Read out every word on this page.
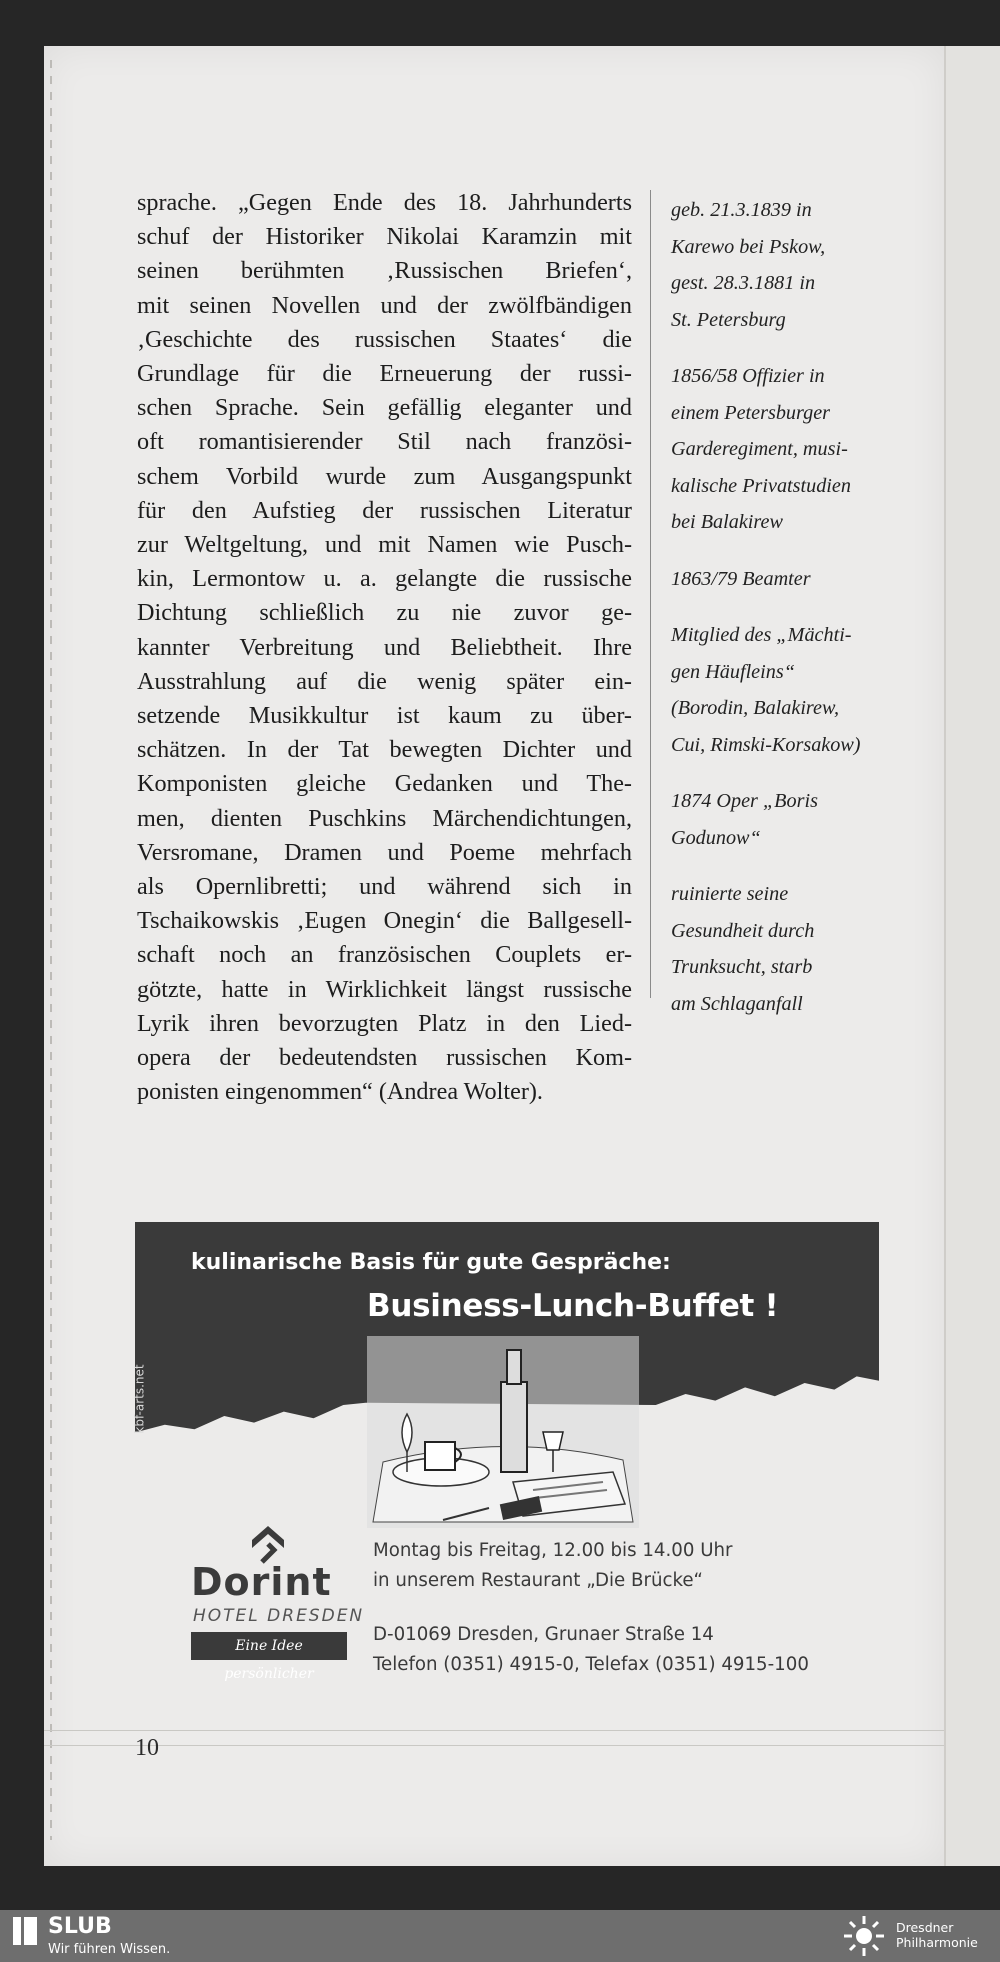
sprache. „Gegen Ende des 18. Jahrhunderts
schuf der Historiker Nikolai Karamzin mit
seinen berühmten ‚Russischen Briefen‘,
mit seinen Novellen und der zwölfbändigen
‚Geschichte des russischen Staates‘ die
Grundlage für die Erneuerung der russi-
schen Sprache. Sein gefällig eleganter und
oft romantisierender Stil nach französi-
schem Vorbild wurde zum Ausgangspunkt
für den Aufstieg der russischen Literatur
zur Weltgeltung, und mit Namen wie Pusch-
kin, Lermontow u. a. gelangte die russische
Dichtung schließlich zu nie zuvor ge-
kannter Verbreitung und Beliebtheit. Ihre
Ausstrahlung auf die wenig später ein-
setzende Musikkultur ist kaum zu über-
schätzen. In der Tat bewegten Dichter und
Komponisten gleiche Gedanken und The-
men, dienten Puschkins Märchendichtungen,
Versromane, Dramen und Poeme mehrfach
als Opernlibretti; und während sich in
Tschaikowskis ‚Eugen Onegin‘ die Ballgesell-
schaft noch an französischen Couplets er-
götzte, hatte in Wirklichkeit längst russische
Lyrik ihren bevorzugten Platz in den Lied-
opera der bedeutendsten russischen Kom-
ponisten eingenommen“ (Andrea Wolter).
geb. 21.3.1839 in
Karewo bei Pskow,
gest. 28.3.1881 in
St. Petersburg
1856/58 Offizier in
einem Petersburger
Garderegiment, musi-
kalische Privatstudien
bei Balakirew
1863/79 Beamter
Mitglied des „Mächti-
gen Häufleins“
(Borodin, Balakirew,
Cui, Rimski-Korsakow)
1874 Oper „Boris
Godunow“
ruinierte seine
Gesundheit durch
Trunksucht, starb
am Schlaganfall
kulinarische Basis für gute Gespräche:
Business-Lunch-Buffet !
kbf-arts.net
Dorint
HOTEL DRESDEN
Eine Idee persönlicher
Montag bis Freitag, 12.00 bis 14.00 Uhr
in unserem Restaurant „Die Brücke“
D-01069 Dresden, Grunaer Straße 14
Telefon (0351) 4915-0, Telefax (0351) 4915-100
10
SLUB
Wir führen Wissen.
Dresdner
Philharmonie
